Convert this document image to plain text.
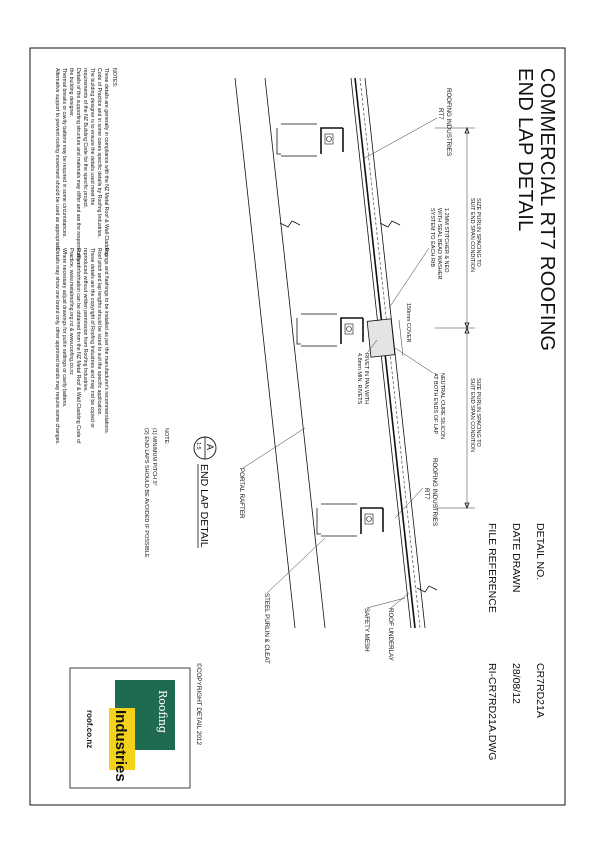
COMMERCIAL RT7 ROOFING
END LAP DETAIL
DETAIL NO.
CR7RD21A
DATE DRAWN
28/08/12
FILE REFERENCE
RI-CR7RD21A.DWG
SIZE PURLIN SPACING TO
SUIT END SPAN CONDITION
SIZE PURLIN SPACING TO
SUIT END SPAN CONDITION
150mm COVER
ROOFING INDUSTRIES
RT7
1.2MM STITCHER & NEO
WITH SEAL BEAD WASHER
SYSTEM TO EACH RIB
NEUTRAL CURE SILICON
AT BOTH ENDS OF LAP
RIVET IN PAN WITH
4.8mm MIN. RIVETS
ROOFING INDUSTRIES
RT7
PORTAL RAFTER
STEEL PURLIN & CLEAT	ROOF UNDERLAY
SAFETY MESH
A
1:5
END LAP DETAIL
NOTE:
(1) MINIMUM PITCH 3°
(2) END LAPS SHOULD BE AVOIDED IF POSSIBLE
NOTES:
These details are generally in compliance with the NZ Metal Roof & Wall Cladding
Code of Practice and in some cases specific details by Roofing Industries.
The building designer is to ensure the details used meet the
requirements of the NZ Building Code for the specific project.
Details of the supporting structure and materials may differ and are the responsibility of
the building designer.
Thermal breaks or cavity battens may be required in some circumstances.
Alternative support to prevent roofing movement should be used as appropriate.
Fixings and flashings to be installed as per the manufacturer's recommendations.
Roof pitch and lap lengths should be sized to suit the specific application.
These details are the copyright of Roofing Industries and may not be copied or
reproduced without written permission from Roofing Industries.
Further information can be obtained from the NZ Metal Roof & Wall Cladding Code of
Practice, www.metalroofing.org.nz & www.roofing.co.nz
Where necessary adjust drawings for purlin settings or cavity battens.
Details may show one brand only, other approved brands may require some changes.
©COPYRIGHT DETAIL 2012
Roofing
Industries
roof.co.nz
